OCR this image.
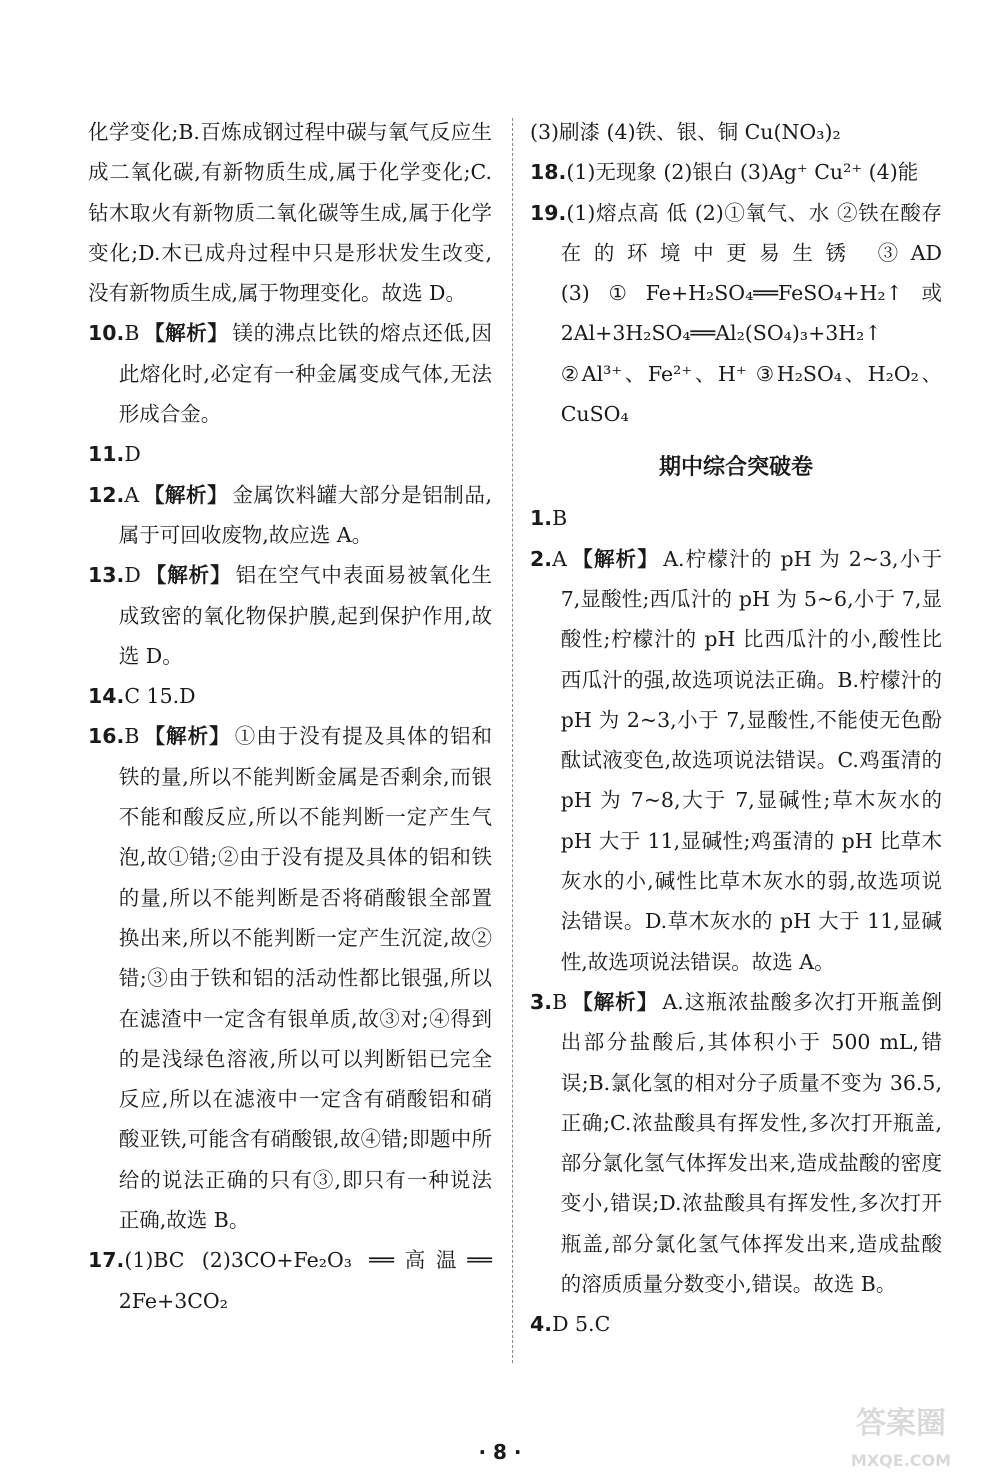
化学变化;B.百炼成钢过程中碳与氧气反应生成二氧化碳,有新物质生成,属于化学变化;C.钻木取火有新物质二氧化碳等生成,属于化学变化;D.木已成舟过程中只是形状发生改变,没有新物质生成,属于物理变化。故选 D。

10.B 【解析】 镁的沸点比铁的熔点还低,因此熔化时,必定有一种金属变成气体,无法形成合金。

11.D

12.A 【解析】 金属饮料罐大部分是铝制品,属于可回收废物,故应选 A。

13.D 【解析】 铝在空气中表面易被氧化生成致密的氧化物保护膜,起到保护作用,故选 D。

14.C 15.D

16.B 【解析】 ①由于没有提及具体的铝和铁的量,所以不能判断金属是否剩余,而银不能和酸反应,所以不能判断一定产生气泡,故①错;②由于没有提及具体的铝和铁的量,所以不能判断是否将硝酸银全部置换出来,所以不能判断一定产生沉淀,故②错;③由于铁和铝的活动性都比银强,所以在滤渣中一定含有银单质,故③对;④得到的是浅绿色溶液,所以可以判断铝已完全反应,所以在滤液中一定含有硝酸铝和硝酸亚铁,可能含有硝酸银,故④错;即题中所给的说法正确的只有③,即只有一种说法正确,故选 B。

17.(1)BC (2)3CO+Fe₂O₃ ══高温══ 2Fe+3CO₂

(3)刷漆 (4)铁、银、铜 Cu(NO₃)₂

18.(1)无现象 (2)银白 (3)Ag⁺ Cu²⁺ (4)能

19.(1)熔点高 低 (2)①氧气、水 ②铁在酸存在的环境中更易生锈 ③AD (3)①Fe+H₂SO₄══FeSO₄+H₂↑或2Al+3H₂SO₄══Al₂(SO₄)₃+3H₂↑ ②Al³⁺、Fe²⁺、H⁺ ③H₂SO₄、H₂O₂、CuSO₄

期中综合突破卷

1.B

2.A 【解析】 A.柠檬汁的 pH 为 2~3,小于 7,显酸性;西瓜汁的 pH 为 5~6,小于 7,显酸性;柠檬汁的 pH 比西瓜汁的小,酸性比西瓜汁的强,故选项说法正确。B.柠檬汁的 pH 为 2~3,小于 7,显酸性,不能使无色酚酞试液变色,故选项说法错误。C.鸡蛋清的 pH 为 7~8,大于 7,显碱性;草木灰水的 pH 大于 11,显碱性;鸡蛋清的 pH 比草木灰水的小,碱性比草木灰水的弱,故选项说法错误。D.草木灰水的 pH 大于 11,显碱性,故选项说法错误。故选 A。

3.B 【解析】 A.这瓶浓盐酸多次打开瓶盖倒出部分盐酸后,其体积小于 500 mL,错误;B.氯化氢的相对分子质量不变为 36.5,正确;C.浓盐酸具有挥发性,多次打开瓶盖,部分氯化氢气体挥发出来,造成盐酸的密度变小,错误;D.浓盐酸具有挥发性,多次打开瓶盖,部分氯化氢气体挥发出来,造成盐酸的溶质质量分数变小,错误。故选 B。

4.D 5.C

· 8 ·
答案圈
MXQE.COM
